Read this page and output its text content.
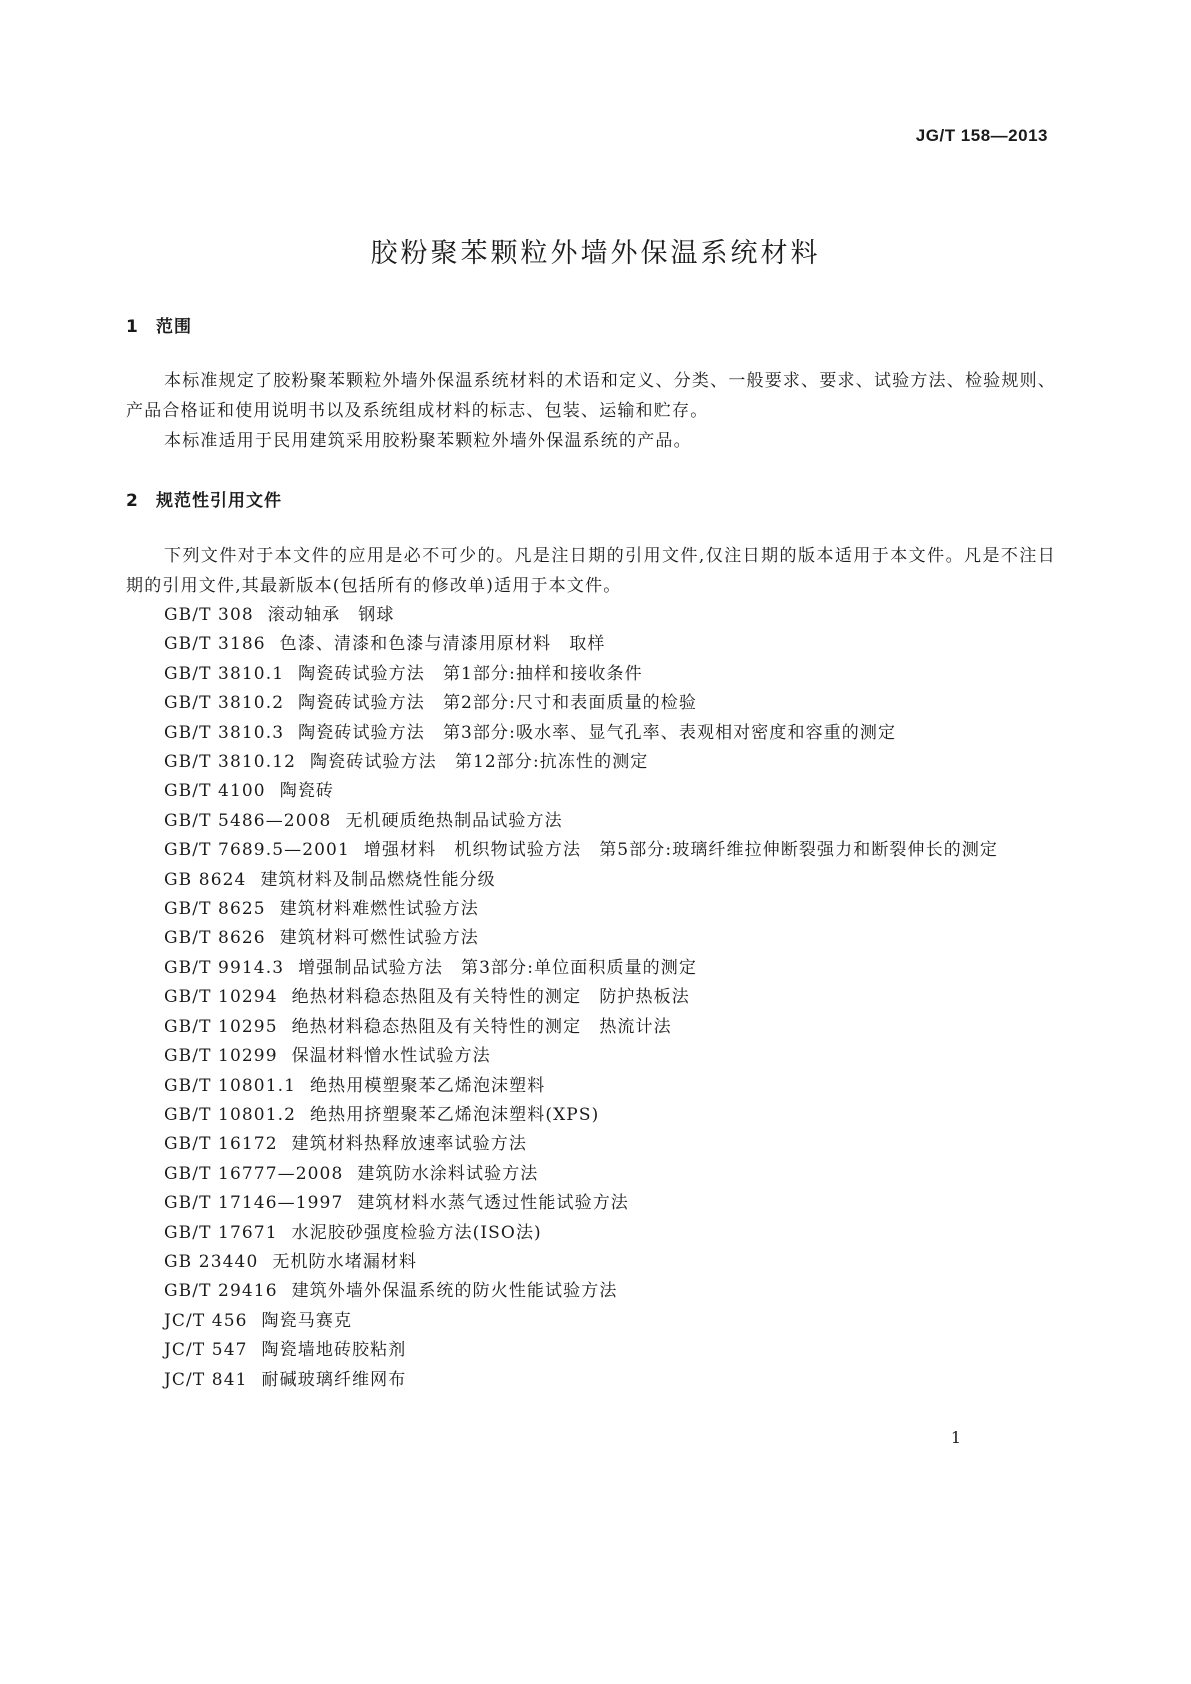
JG/T 158—2013
胶粉聚苯颗粒外墙外保温系统材料
1 范围

本标准规定了胶粉聚苯颗粒外墙外保温系统材料的术语和定义、分类、一般要求、要求、试验方法、检验规则、产品合格证和使用说明书以及系统组成材料的标志、包装、运输和贮存。

本标准适用于民用建筑采用胶粉聚苯颗粒外墙外保温系统的产品。

2 规范性引用文件

下列文件对于本文件的应用是必不可少的。凡是注日期的引用文件,仅注日期的版本适用于本文件。凡是不注日期的引用文件,其最新版本(包括所有的修改单)适用于本文件。

GB/T 308 滚动轴承　钢球
GB/T 3186 色漆、清漆和色漆与清漆用原材料　取样
GB/T 3810.1 陶瓷砖试验方法　第1部分:抽样和接收条件
GB/T 3810.2 陶瓷砖试验方法　第2部分:尺寸和表面质量的检验
GB/T 3810.3 陶瓷砖试验方法　第3部分:吸水率、显气孔率、表观相对密度和容重的测定
GB/T 3810.12 陶瓷砖试验方法　第12部分:抗冻性的测定
GB/T 4100 陶瓷砖
GB/T 5486—2008 无机硬质绝热制品试验方法
GB/T 7689.5—2001 增强材料　机织物试验方法　第5部分:玻璃纤维拉伸断裂强力和断裂伸长的测定
GB 8624 建筑材料及制品燃烧性能分级
GB/T 8625 建筑材料难燃性试验方法
GB/T 8626 建筑材料可燃性试验方法
GB/T 9914.3 增强制品试验方法　第3部分:单位面积质量的测定
GB/T 10294 绝热材料稳态热阻及有关特性的测定　防护热板法
GB/T 10295 绝热材料稳态热阻及有关特性的测定　热流计法
GB/T 10299 保温材料憎水性试验方法
GB/T 10801.1 绝热用模塑聚苯乙烯泡沫塑料
GB/T 10801.2 绝热用挤塑聚苯乙烯泡沫塑料(XPS)
GB/T 16172 建筑材料热释放速率试验方法
GB/T 16777—2008 建筑防水涂料试验方法
GB/T 17146—1997 建筑材料水蒸气透过性能试验方法
GB/T 17671 水泥胶砂强度检验方法(ISO法)
GB 23440 无机防水堵漏材料
GB/T 29416 建筑外墙外保温系统的防火性能试验方法
JC/T 456 陶瓷马赛克
JC/T 547 陶瓷墙地砖胶粘剂
JC/T 841 耐碱玻璃纤维网布
1
